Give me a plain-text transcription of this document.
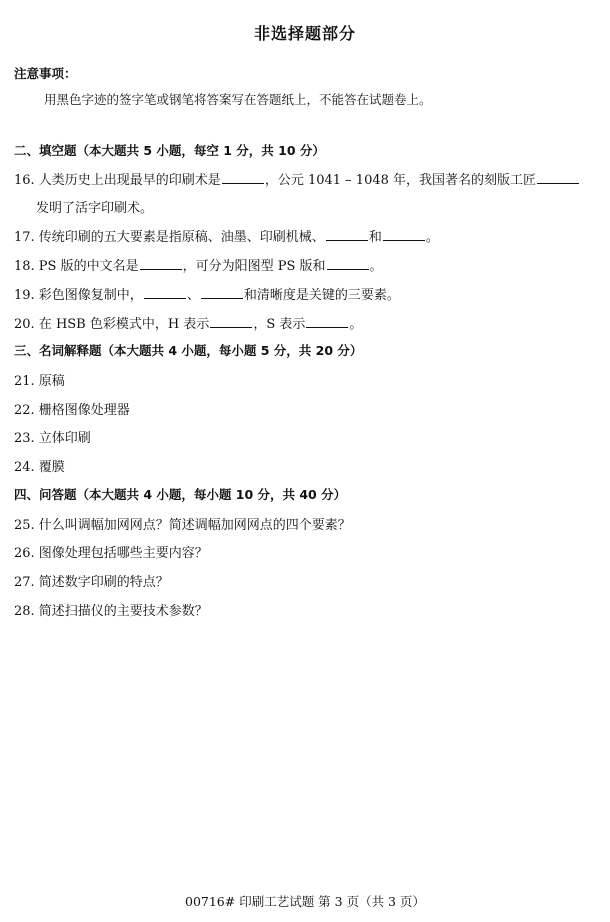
非选择题部分
注意事项：
用黑色字迹的签字笔或钢笔将答案写在答题纸上，不能答在试题卷上。
二、填空题（本大题共 5 小题，每空 1 分，共 10 分）
16. 人类历史上出现最早的印刷术是	，公元 1041 – 1048 年，我国著名的刻版工匠
发明了活字印刷术。
17. 传统印刷的五大要素是指原稿、油墨、印刷机械、	和	。
18. PS 版的中文名是	，可分为阳图型 PS 版和	。
19. 彩色图像复制中，	、	和清晰度是关键的三要素。
20. 在 HSB 色彩模式中，H 表示	，S 表示	。
三、名词解释题（本大题共 4 小题，每小题 5 分，共 20 分）
21. 原稿
22. 栅格图像处理器
23. 立体印刷
24. 覆膜
四、问答题（本大题共 4 小题，每小题 10 分，共 40 分）
25. 什么叫调幅加网网点？简述调幅加网网点的四个要素？
26. 图像处理包括哪些主要内容？
27. 简述数字印刷的特点？
28. 简述扫描仪的主要技术参数？
00716# 印刷工艺试题 第 3 页（共 3 页）
